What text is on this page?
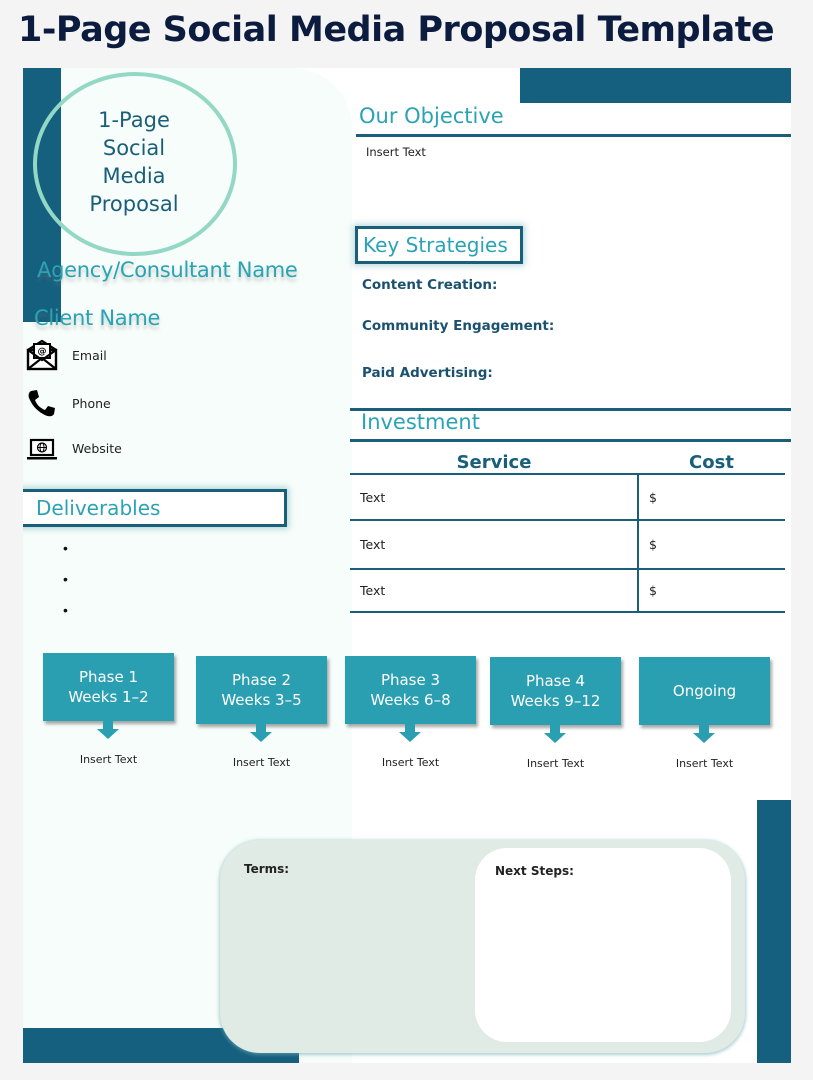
1-Page Social Media Proposal Template
1-Page
Social
Media
Proposal
Agency/Consultant Name
Client Name
@ Email
Phone
Website
Deliverables
•
•
•
Our Objective
Insert Text
Key Strategies
Content Creation:
Community Engagement:
Paid Advertising:
Investment
Service	Cost
Text	$
Text	$
Text	$
Phase 1
Weeks 1–2
Insert Text
Phase 2
Weeks 3–5
Insert Text
Phase 3
Weeks 6–8
Insert Text
Phase 4
Weeks 9–12
Insert Text
Ongoing
Insert Text
Terms:	Next Steps:
